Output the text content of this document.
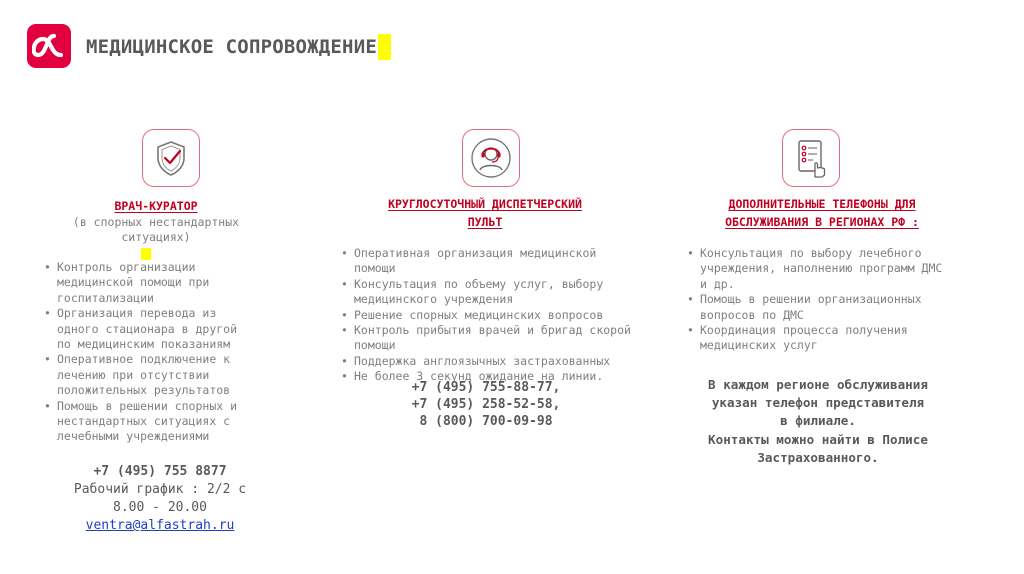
МЕДИЦИНСКОЕ СОПРОВОЖДЕНИЕ
ВРАЧ-КУРАТОР
(в спорных нестандартных
ситуациях)
• Контроль организации медицинской помощи при госпитализации
• Организация перевода из одного стационара в другой по медицинским показаниям
• Оперативное подключение к лечению при отсутствии положительных результатов
• Помощь в решении спорных и нестандартных ситуациях с лечебными учреждениями
+7 (495) 755 8877
Рабочий график : 2/2 с
8.00 - 20.00
ventra@alfastrah.ru
КРУГЛОСУТОЧНЫЙ ДИСПЕТЧЕРСКИЙ
ПУЛЬТ
• Оперативная организация медицинской помощи
• Консультация по объему услуг, выбору медицинского учреждения
• Решение спорных медицинских вопросов
• Контроль прибытия врачей и бригад скорой помощи
• Поддержка англоязычных застрахованных
• Не более 3 секунд ожидание на линии.
+7 (495) 755-88-77,
+7 (495) 258-52-58,
8 (800) 700-09-98
ДОПОЛНИТЕЛЬНЫЕ ТЕЛЕФОНЫ ДЛЯ
ОБСЛУЖИВАНИЯ В РЕГИОНАХ РФ :
• Консультация по выбору лечебного учреждения, наполнению программ ДМС и др.
• Помощь в решении организационных вопросов по ДМС
• Координация процесса получения медицинских услуг
В каждом регионе обслуживания
указан телефон представителя
в филиале.
Контакты можно найти в Полисе
Застрахованного.
